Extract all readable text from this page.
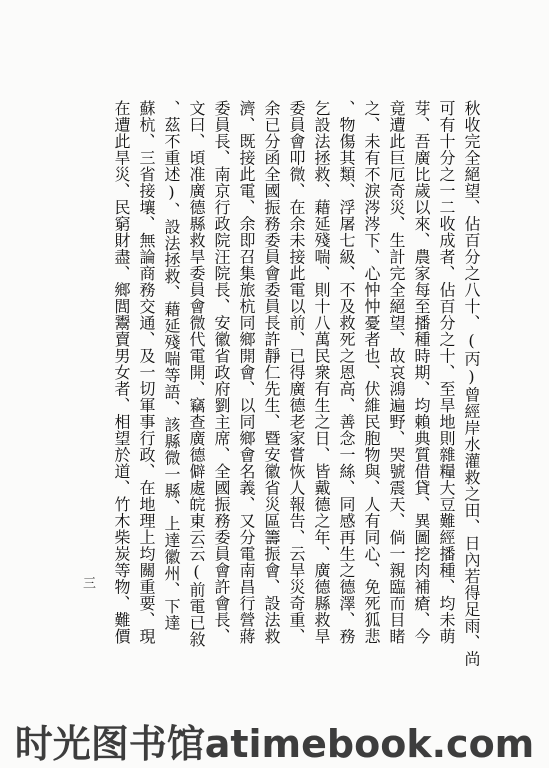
秋收完全絕望、佔百分之八十、(丙)曾經岸水灌救之田、日內若得足雨、尚
可有十分之一二收成者、佔百分之十、至旱地則雜糧大豆難經播種、均未萌
芽、吾廣比歲以來、農家每至播種時期、均賴典質借貸、異圖挖肉補瘡、今
竟遭此巨厄奇災、生計完全絕望、故哀鴻遍野、哭號震天、倘一親臨而目睹
之、未有不淚涔涔下、心忡忡憂者也、伏維民胞物與、人有同心、免死狐悲
、物傷其類、浮屠七級、不及救死之恩高、善念一絲、同感再生之德澤、務
乞設法拯救、藉延殘喘、則十八萬民衆有生之日、皆戴德之年、廣德縣救旱
委員會叩微、在余未接此電以前、已得廣德老家嘗恢人報告、云旱災奇重、
余已分函全國振務委員會委員長許靜仁先生、暨安徽省災區籌振會、設法救
濟、既接此電、余即召集旅杭同鄉開會、以同鄉會名義、又分電南昌行營蔣
委員長、南京行政院汪院長、安徽省政府劉主席、全國振務委員會許會長、
文曰、頃准廣德縣救旱委員會微代電開、竊查廣德僻處皖東云云(前電已敘
、茲不重述)、設法拯救、藉延殘喘等語、該縣微一縣、上達徽州、下達
蘇杭、三省接壤、無論商務交通、及一切軍事行政、在地理上均關重要、現
在遭此旱災、民窮財盡、鄉閭鬻賣男女者、相望於道、竹木柴炭等物、難價
三
时光图书馆atimebook.com
